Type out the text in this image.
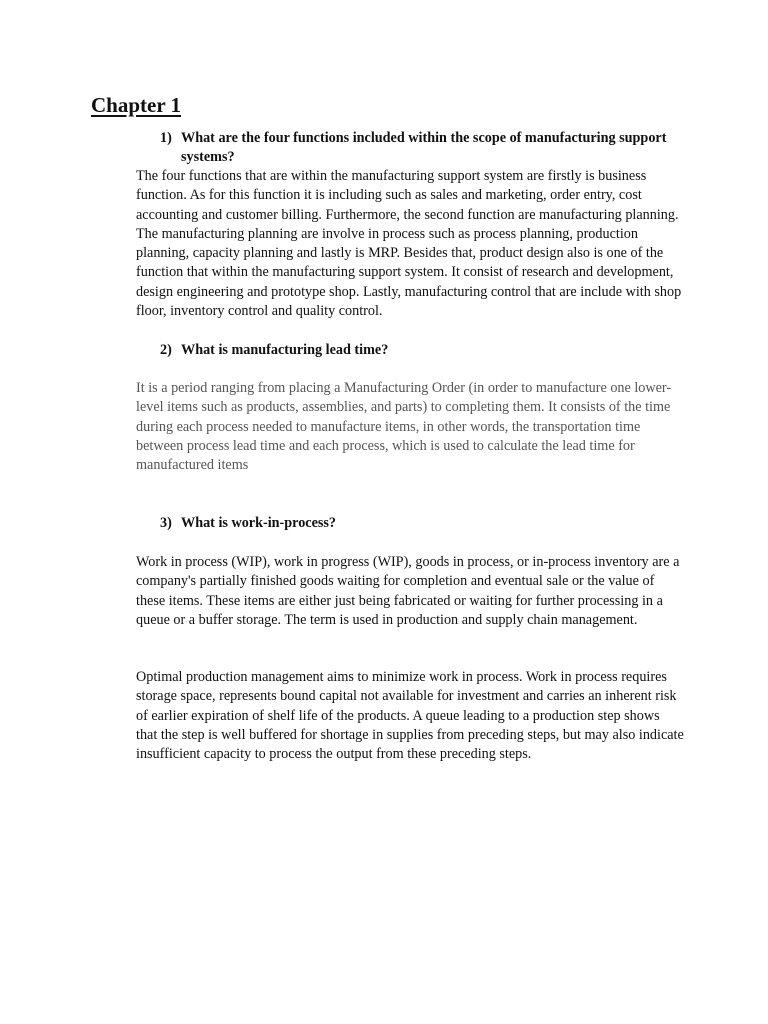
Chapter 1
1) What are the four functions included within the scope of manufacturing support systems?

The four functions that are within the manufacturing support system are firstly is business function. As for this function it is including such as sales and marketing, order entry, cost accounting and customer billing. Furthermore, the second function are manufacturing planning. The manufacturing planning are involve in process such as process planning, production planning, capacity planning and lastly is MRP. Besides that, product design also is one of the function that within the manufacturing support system. It consist of research and development, design engineering and prototype shop. Lastly, manufacturing control that are include with shop floor, inventory control and quality control.

2) What is manufacturing lead time?

It is a period ranging from placing a Manufacturing Order (in order to manufacture one lower-level items such as products, assemblies, and parts) to completing them. It consists of the time during each process needed to manufacture items, in other words, the transportation time between process lead time and each process, which is used to calculate the lead time for manufactured items

3) What is work-in-process?

Work in process (WIP), work in progress (WIP), goods in process, or in-process inventory are a company's partially finished goods waiting for completion and eventual sale or the value of these items. These items are either just being fabricated or waiting for further processing in a queue or a buffer storage. The term is used in production and supply chain management.

Optimal production management aims to minimize work in process. Work in process requires storage space, represents bound capital not available for investment and carries an inherent risk of earlier expiration of shelf life of the products. A queue leading to a production step shows that the step is well buffered for shortage in supplies from preceding steps, but may also indicate insufficient capacity to process the output from these preceding steps.
